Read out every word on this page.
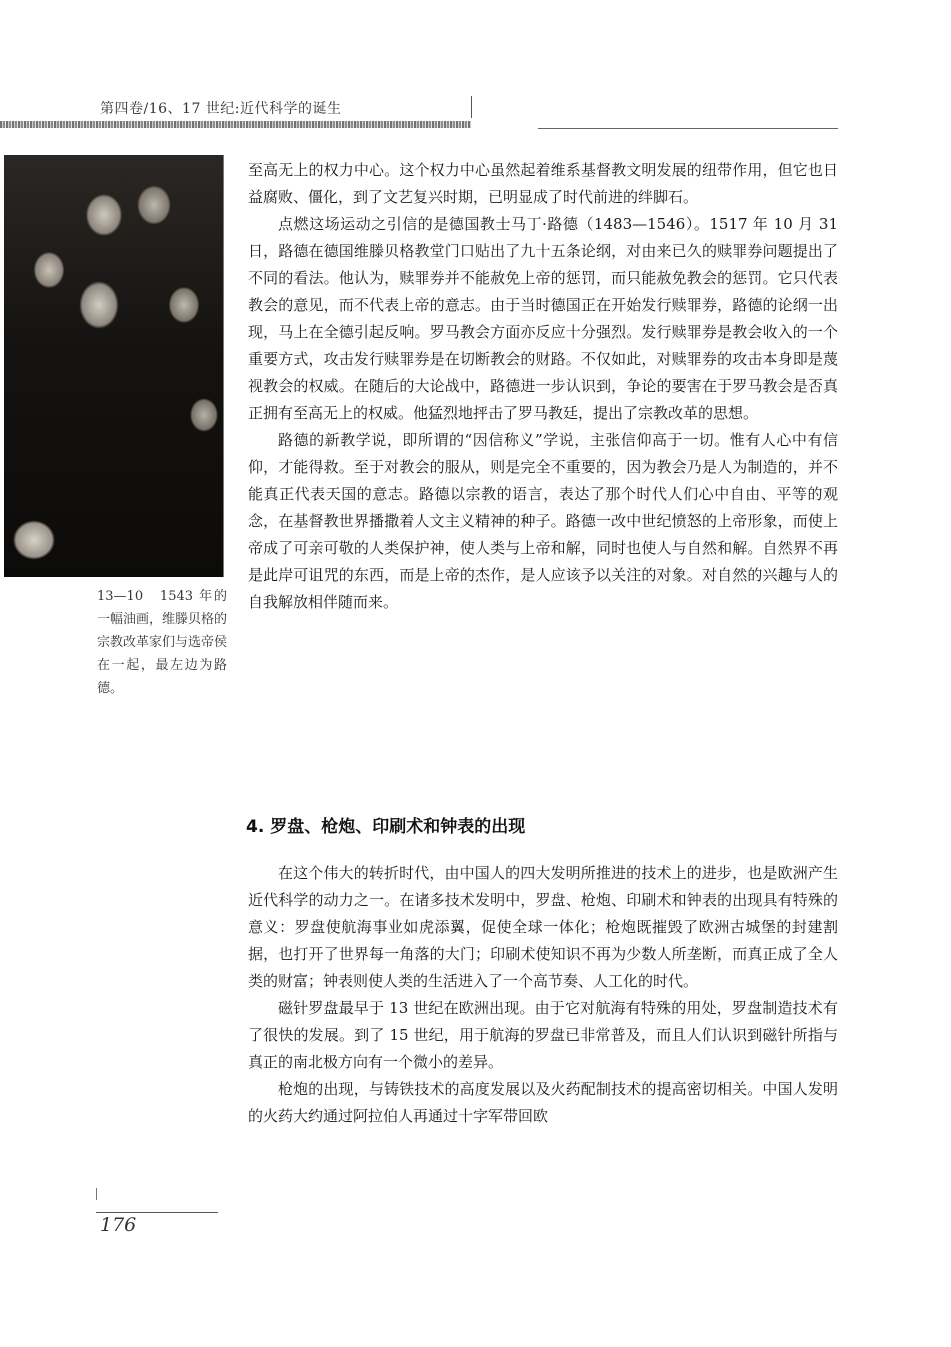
第四卷/16、17 世纪:近代科学的诞生
13—10　1543 年的一幅油画，维滕贝格的宗教改革家们与选帝侯在一起，最左边为路德。

至高无上的权力中心。这个权力中心虽然起着维系基督教文明发展的纽带作用，但它也日益腐败、僵化，到了文艺复兴时期，已明显成了时代前进的绊脚石。

点燃这场运动之引信的是德国教士马丁·路德（1483—1546）。1517 年 10 月 31 日，路德在德国维滕贝格教堂门口贴出了九十五条论纲，对由来已久的赎罪券问题提出了不同的看法。他认为，赎罪券并不能赦免上帝的惩罚，而只能赦免教会的惩罚。它只代表教会的意见，而不代表上帝的意志。由于当时德国正在开始发行赎罪券，路德的论纲一出现，马上在全德引起反响。罗马教会方面亦反应十分强烈。发行赎罪券是教会收入的一个重要方式，攻击发行赎罪券是在切断教会的财路。不仅如此，对赎罪券的攻击本身即是蔑视教会的权威。在随后的大论战中，路德进一步认识到，争论的要害在于罗马教会是否真正拥有至高无上的权威。他猛烈地抨击了罗马教廷，提出了宗教改革的思想。

路德的新教学说，即所谓的“因信称义”学说，主张信仰高于一切。惟有人心中有信仰，才能得救。至于对教会的服从，则是完全不重要的，因为教会乃是人为制造的，并不能真正代表天国的意志。路德以宗教的语言，表达了那个时代人们心中自由、平等的观念，在基督教世界播撒着人文主义精神的种子。路德一改中世纪愤怒的上帝形象，而使上帝成了可亲可敬的人类保护神，使人类与上帝和解，同时也使人与自然和解。自然界不再是此岸可诅咒的东西，而是上帝的杰作，是人应该予以关注的对象。对自然的兴趣与人的自我解放相伴随而来。

4. 罗盘、枪炮、印刷术和钟表的出现

在这个伟大的转折时代，由中国人的四大发明所推进的技术上的进步，也是欧洲产生近代科学的动力之一。在诸多技术发明中，罗盘、枪炮、印刷术和钟表的出现具有特殊的意义：罗盘使航海事业如虎添翼，促使全球一体化；枪炮既摧毁了欧洲古城堡的封建割据，也打开了世界每一角落的大门；印刷术使知识不再为少数人所垄断，而真正成了全人类的财富；钟表则使人类的生活进入了一个高节奏、人工化的时代。

磁针罗盘最早于 13 世纪在欧洲出现。由于它对航海有特殊的用处，罗盘制造技术有了很快的发展。到了 15 世纪，用于航海的罗盘已非常普及，而且人们认识到磁针所指与真正的南北极方向有一个微小的差异。

枪炮的出现，与铸铁技术的高度发展以及火药配制技术的提高密切相关。中国人发明的火药大约通过阿拉伯人再通过十字军带回欧

176
